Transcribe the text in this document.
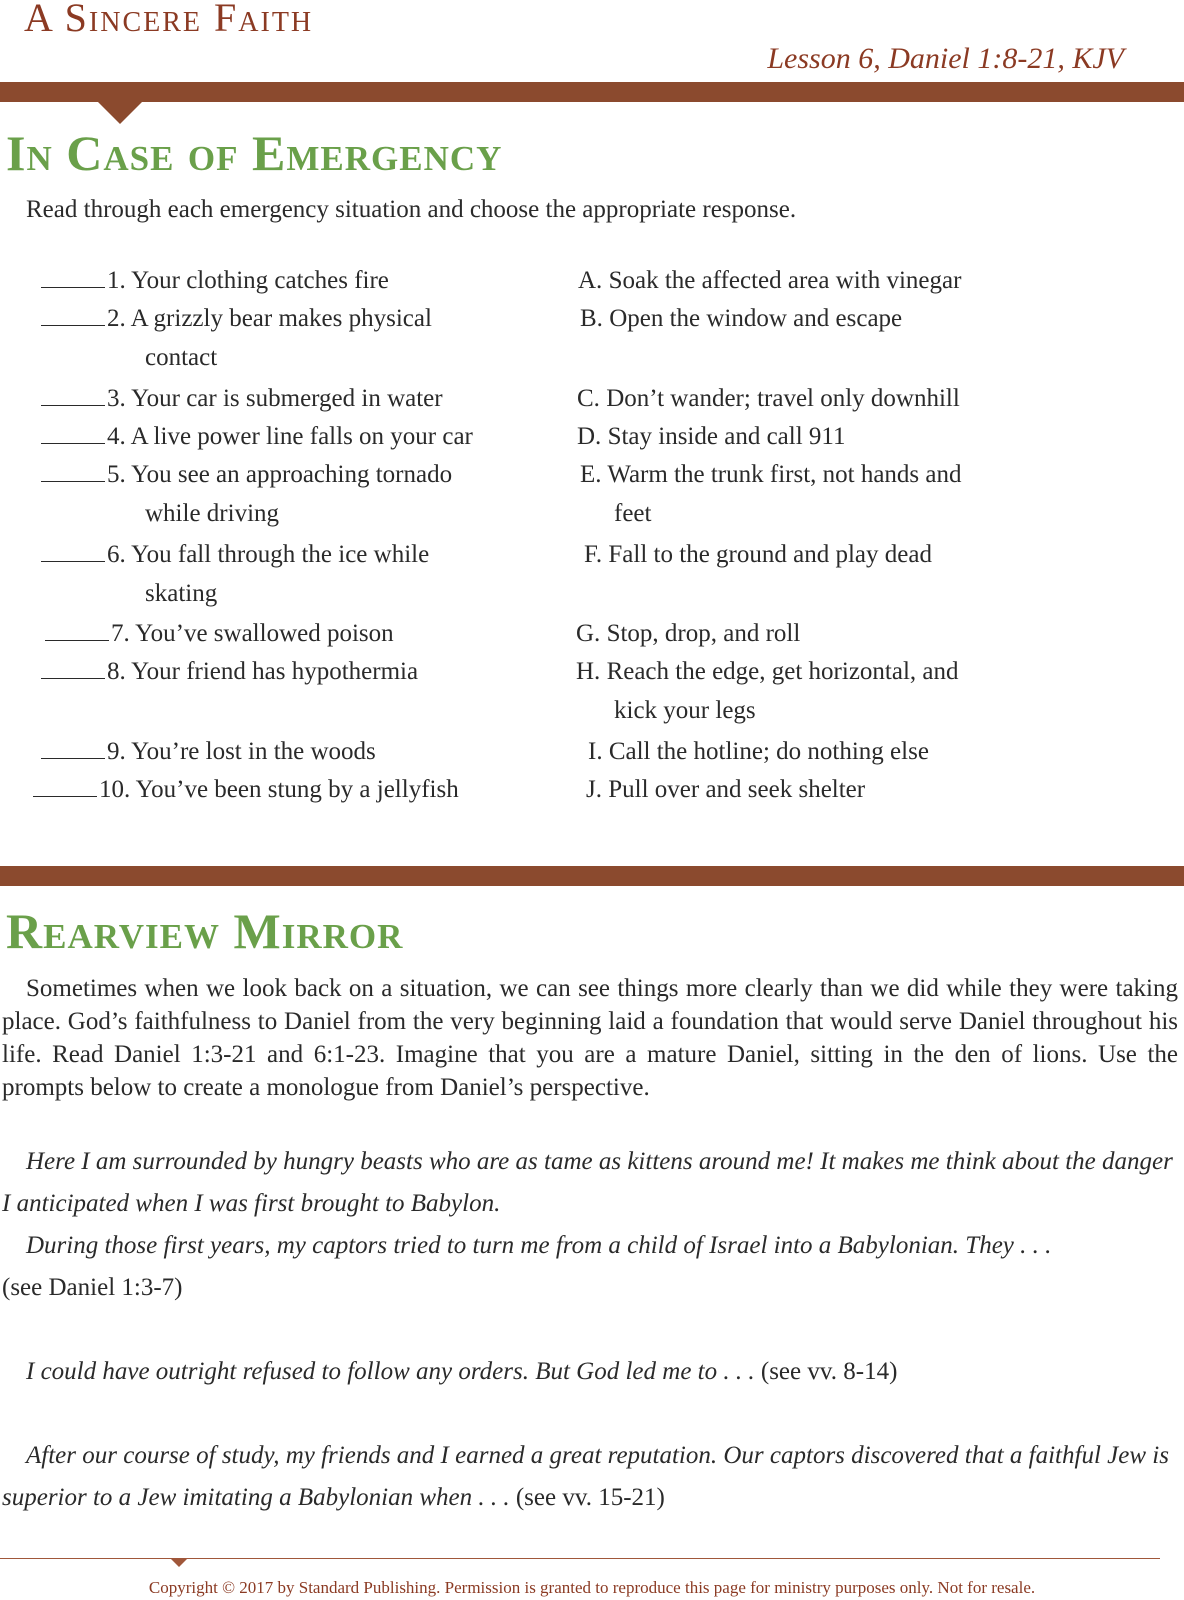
A Sincere Faith
Lesson 6, Daniel 1:8-21, KJV
In Case of Emergency
Read through each emergency situation and choose the appropriate response.
1. Your clothing catches fire
2. A grizzly bear makes physical
contact
3. Your car is submerged in water
4. A live power line falls on your car
5. You see an approaching tornado
while driving
6. You fall through the ice while
skating
7. You’ve swallowed poison
8. Your friend has hypothermia
9. You’re lost in the woods
10. You’ve been stung by a jellyfish
A. Soak the affected area with vinegar
B. Open the window and escape
C. Don’t wander; travel only downhill
D. Stay inside and call 911
E. Warm the trunk first, not hands and
feet
F. Fall to the ground and play dead
G. Stop, drop, and roll
H. Reach the edge, get horizontal, and
kick your legs
I. Call the hotline; do nothing else
J. Pull over and seek shelter
Rearview Mirror

Sometimes when we look back on a situation, we can see things more clearly than we did while they were taking place. God’s faithfulness to Daniel from the very beginning laid a foundation that would serve Daniel throughout his life. Read Daniel 1:3-21 and 6:1-23. Imagine that you are a mature Daniel, sitting in the den of lions. Use the prompts below to create a monologue from Daniel’s perspective.

Here I am surrounded by hungry beasts who are as tame as kittens around me! It makes me think about the danger I anticipated when I was first brought to Babylon.

During those first years, my captors tried to turn me from a child of Israel into a Babylonian. They . . .
(see Daniel 1:3-7)

I could have outright refused to follow any orders. But God led me to . . . (see vv. 8-14)

After our course of study, my friends and I earned a great reputation. Our captors discovered that a faithful Jew is superior to a Jew imitating a Babylonian when . . . (see vv. 15-21)

Copyright © 2017 by Standard Publishing. Permission is granted to reproduce this page for ministry purposes only. Not for resale.
